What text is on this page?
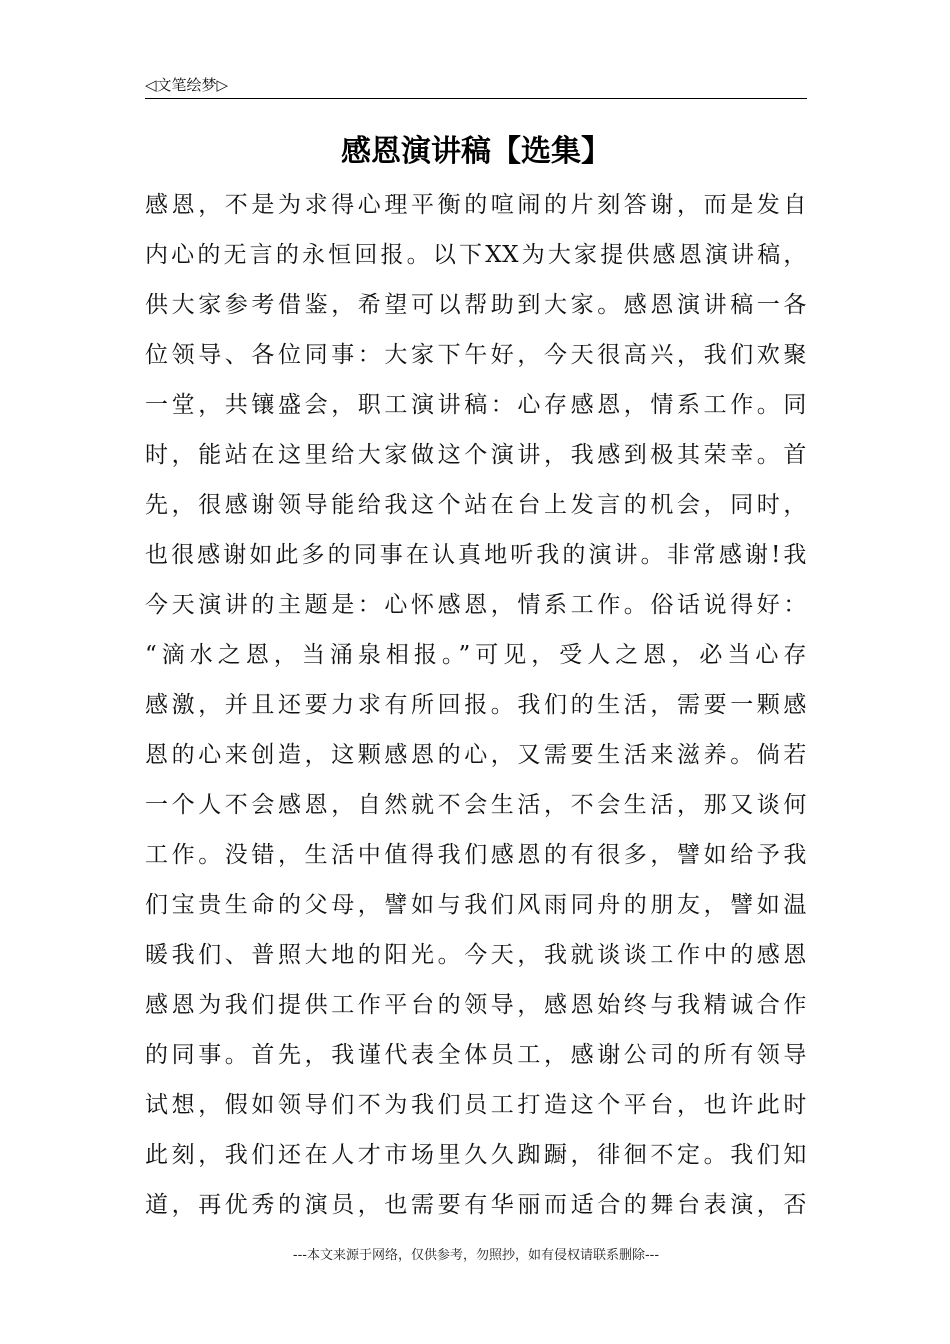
◁文笔绘梦▷
感恩演讲稿【选集】
感恩，不是为求得心理平衡的喧闹的片刻答谢，而是发自
内心的无言的永恒回报。以下XX为大家提供感恩演讲稿，
供大家参考借鉴，希望可以帮助到大家。感恩演讲稿一各
位领导、各位同事：大家下午好，今天很高兴，我们欢聚
一堂，共镶盛会，职工演讲稿：心存感恩，情系工作。同
时，能站在这里给大家做这个演讲，我感到极其荣幸。首
先，很感谢领导能给我这个站在台上发言的机会，同时，
也很感谢如此多的同事在认真地听我的演讲。非常感谢!我
今天演讲的主题是：心怀感恩，情系工作。俗话说得好：
“滴水之恩，当涌泉相报。”可见，受人之恩，必当心存
感激，并且还要力求有所回报。我们的生活，需要一颗感
恩的心来创造，这颗感恩的心，又需要生活来滋养。倘若
一个人不会感恩，自然就不会生活，不会生活，那又谈何
工作。没错，生活中值得我们感恩的有很多，譬如给予我
们宝贵生命的父母，譬如与我们风雨同舟的朋友，譬如温
暖我们、普照大地的阳光。今天，我就谈谈工作中的感恩
感恩为我们提供工作平台的领导，感恩始终与我精诚合作
的同事。首先，我谨代表全体员工，感谢公司的所有领导
试想，假如领导们不为我们员工打造这个平台，也许此时
此刻，我们还在人才市场里久久踟蹰，徘徊不定。我们知
道，再优秀的演员，也需要有华丽而适合的舞台表演，否
---本文来源于网络，仅供参考，勿照抄，如有侵权请联系删除---
